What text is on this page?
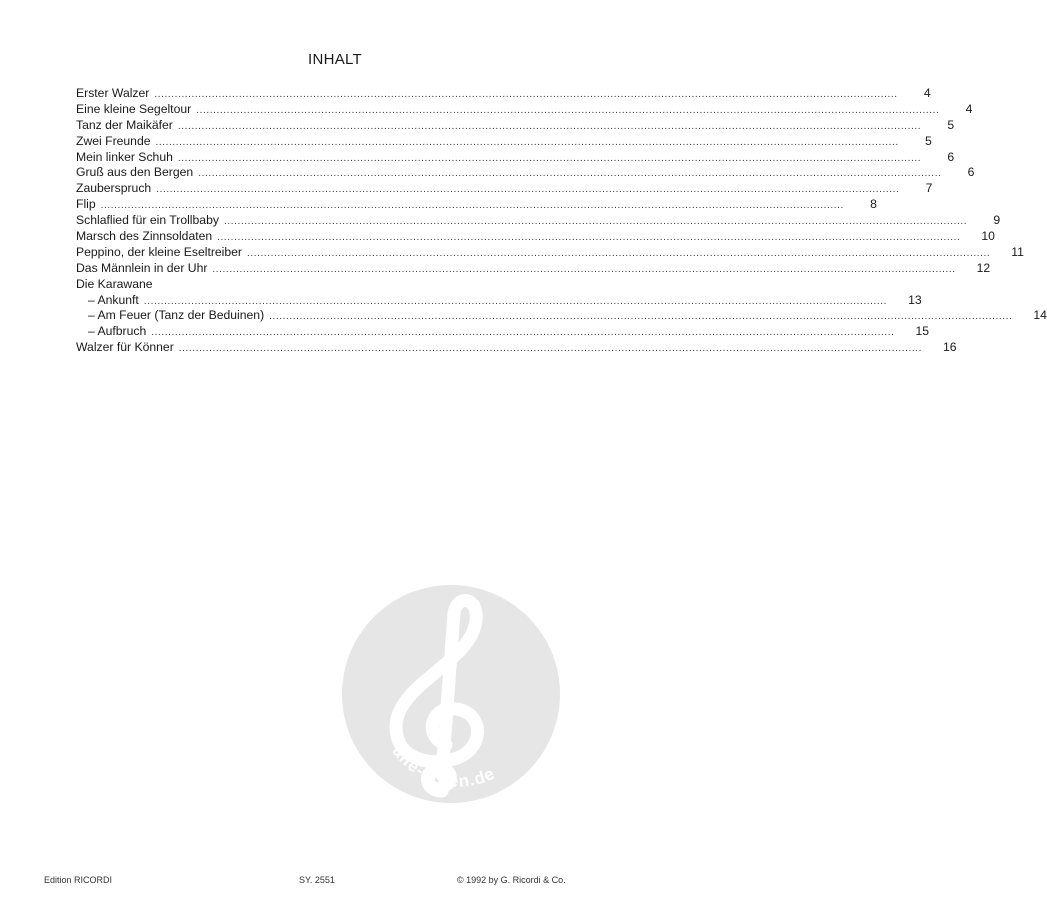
INHALT
Erster Walzer ............................................................................................................................................................................................................................	4
Eine kleine Segeltour ............................................................................................................................................................................................................................	4
Tanz der Maikäfer ............................................................................................................................................................................................................................	5
Zwei Freunde ............................................................................................................................................................................................................................	5
Mein linker Schuh ............................................................................................................................................................................................................................	6
Gruß aus den Bergen ............................................................................................................................................................................................................................	6
Zauberspruch ............................................................................................................................................................................................................................	7
Flip ............................................................................................................................................................................................................................	8
Schlaflied für ein Trollbaby ............................................................................................................................................................................................................................	9
Marsch des Zinnsoldaten ............................................................................................................................................................................................................................ 10
Peppino, der kleine Eseltreiber ............................................................................................................................................................................................................................ 11
Das Männlein in der Uhr ............................................................................................................................................................................................................................ 12
Die Karawane
– Ankunft ............................................................................................................................................................................................................................ 13
– Am Feuer (Tanz der Beduinen) ............................................................................................................................................................................................................................ 14
– Aufbruch ............................................................................................................................................................................................................................ 15
Walzer für Könner ............................................................................................................................................................................................................................ 16
alle-noten.de
Edition RICORDI	SY. 2551	© 1992 by G. Ricordi & Co.
